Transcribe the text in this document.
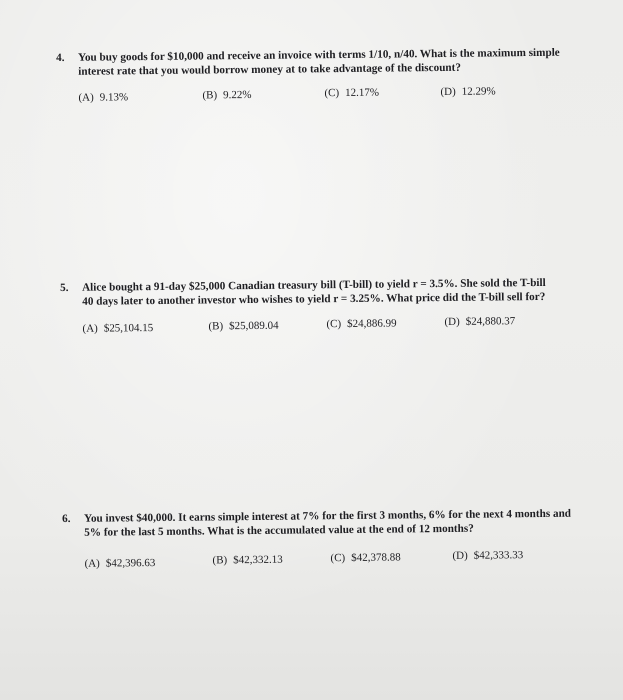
4. You buy goods for $10,000 and receive an invoice with terms 1/10, n/40. What is the maximum simple
interest rate that you would borrow money at to take advantage of the discount?
(A) 9.13%	(B) 9.22%	(C) 12.17%	(D) 12.29%
5. Alice bought a 91-day $25,000 Canadian treasury bill (T-bill) to yield r = 3.5%. She sold the T-bill
40 days later to another investor who wishes to yield r = 3.25%. What price did the T-bill sell for?
(A) $25,104.15	(B) $25,089.04	(C) $24,886.99	(D) $24,880.37
6. You invest $40,000. It earns simple interest at 7% for the first 3 months, 6% for the next 4 months and
5% for the last 5 months. What is the accumulated value at the end of 12 months?
(A) $42,396.63	(B) $42,332.13	(C) $42,378.88	(D) $42,333.33
